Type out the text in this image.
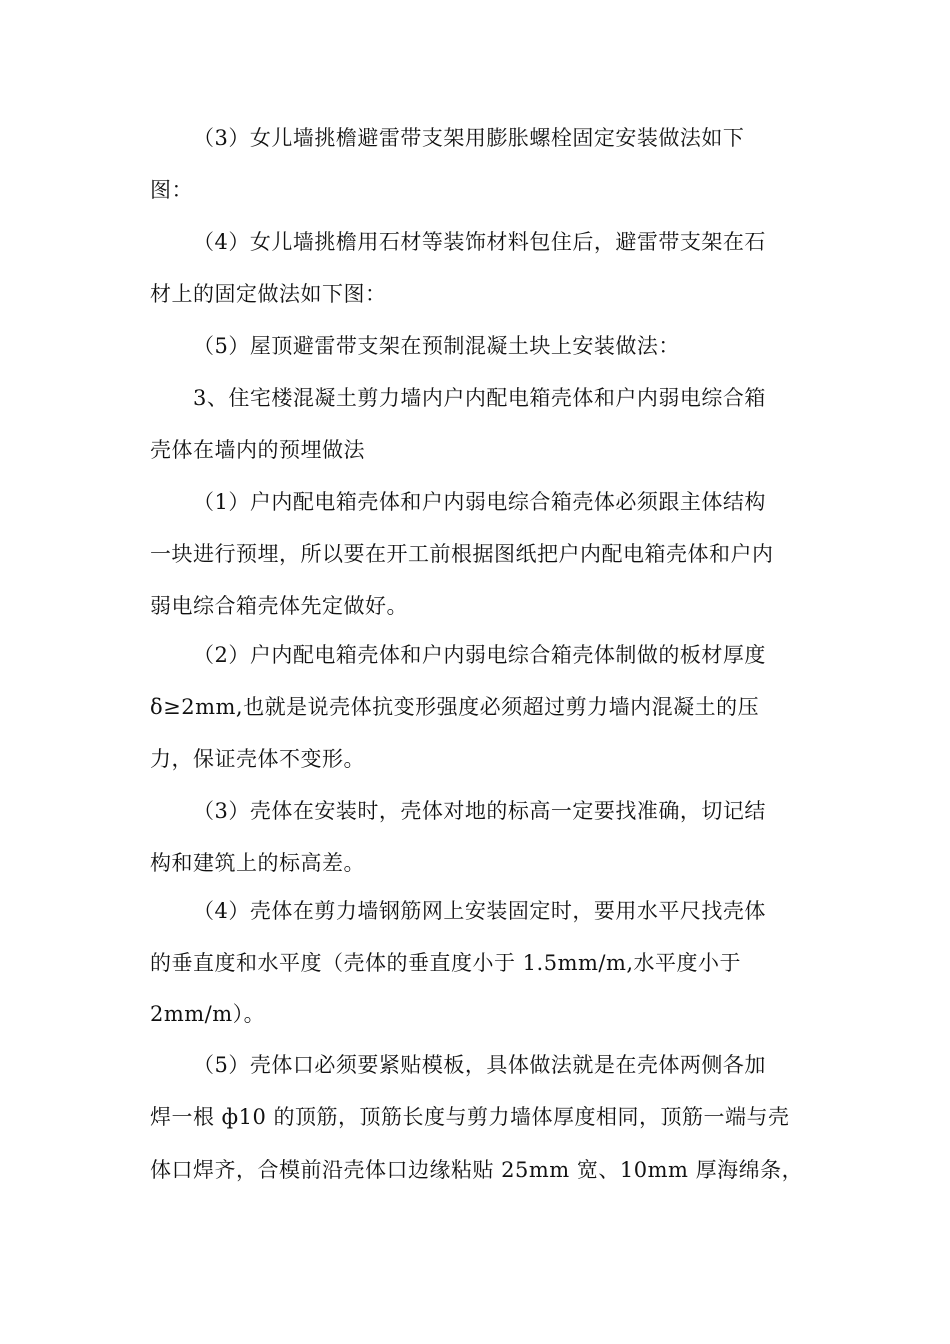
（3）女儿墙挑檐避雷带支架用膨胀螺栓固定安装做法如下
图：
（4）女儿墙挑檐用石材等装饰材料包住后，避雷带支架在石
材上的固定做法如下图：
（5）屋顶避雷带支架在预制混凝土块上安装做法：
3、住宅楼混凝土剪力墙内户内配电箱壳体和户内弱电综合箱
壳体在墙内的预埋做法
（1）户内配电箱壳体和户内弱电综合箱壳体必须跟主体结构
一块进行预埋，所以要在开工前根据图纸把户内配电箱壳体和户内
弱电综合箱壳体先定做好。
（2）户内配电箱壳体和户内弱电综合箱壳体制做的板材厚度
δ≥2mm,也就是说壳体抗变形强度必须超过剪力墙内混凝土的压
力，保证壳体不变形。
（3）壳体在安装时，壳体对地的标高一定要找准确，切记结
构和建筑上的标高差。
（4）壳体在剪力墙钢筋网上安装固定时，要用水平尺找壳体
的垂直度和水平度（壳体的垂直度小于 1.5mm/m,水平度小于
2mm/m）。
（5）壳体口必须要紧贴模板，具体做法就是在壳体两侧各加
焊一根 ф10 的顶筋，顶筋长度与剪力墙体厚度相同，顶筋一端与壳
体口焊齐，合模前沿壳体口边缘粘贴 25mm 宽、10mm 厚海绵条，
